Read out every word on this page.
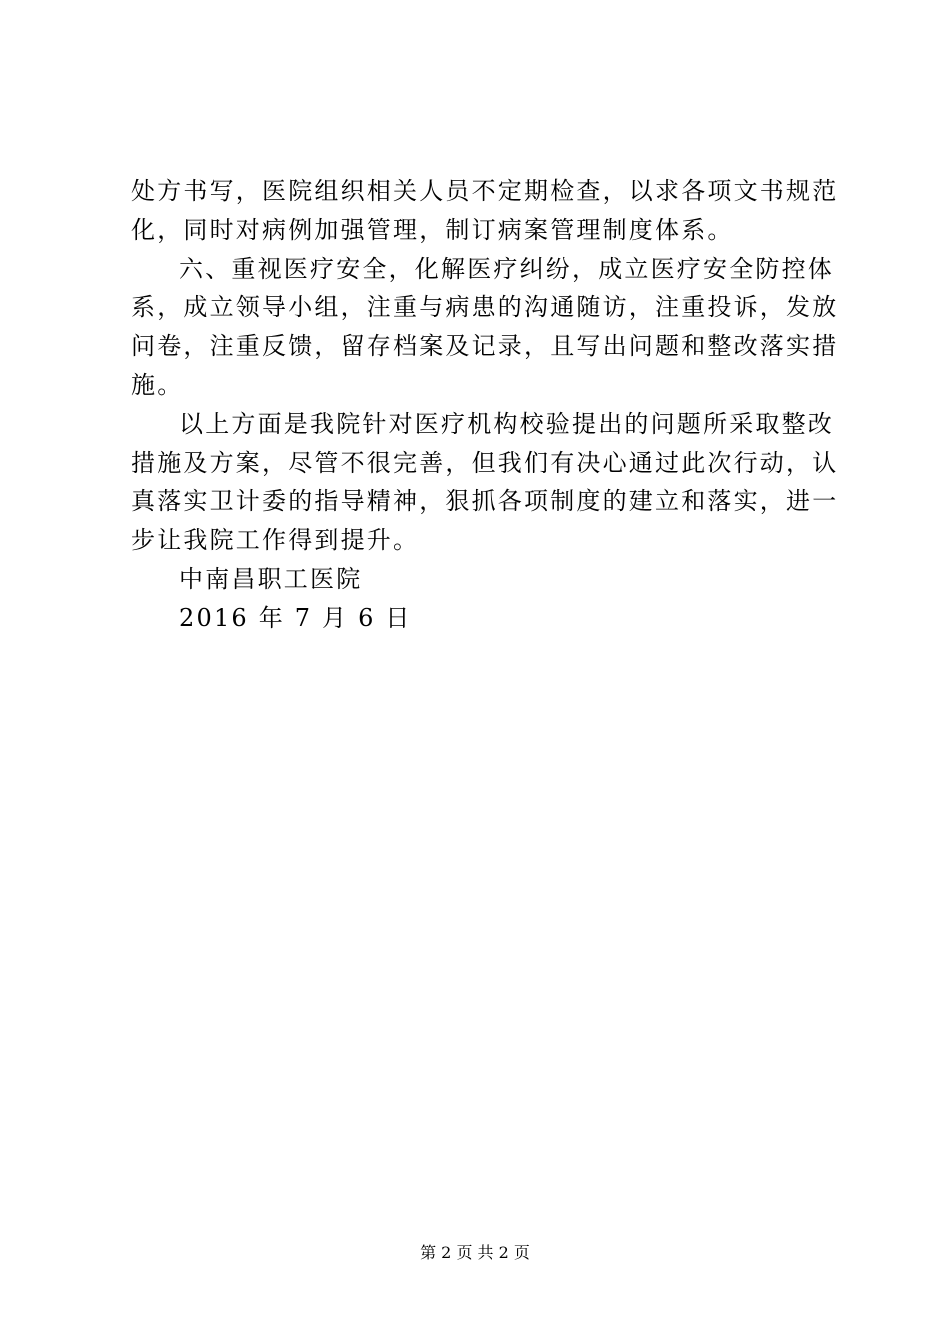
处方书写，医院组织相关人员不定期检查，以求各项文书规范
化，同时对病例加强管理，制订病案管理制度体系。
六、重视医疗安全，化解医疗纠纷，成立医疗安全防控体
系，成立领导小组，注重与病患的沟通随访，注重投诉，发放
问卷，注重反馈，留存档案及记录，且写出问题和整改落实措
施。
以上方面是我院针对医疗机构校验提出的问题所采取整改
措施及方案，尽管不很完善，但我们有决心通过此次行动，认
真落实卫计委的指导精神，狠抓各项制度的建立和落实，进一
步让我院工作得到提升。
中南昌职工医院
2016 年 7 月 6 日
第 2 页 共 2 页
